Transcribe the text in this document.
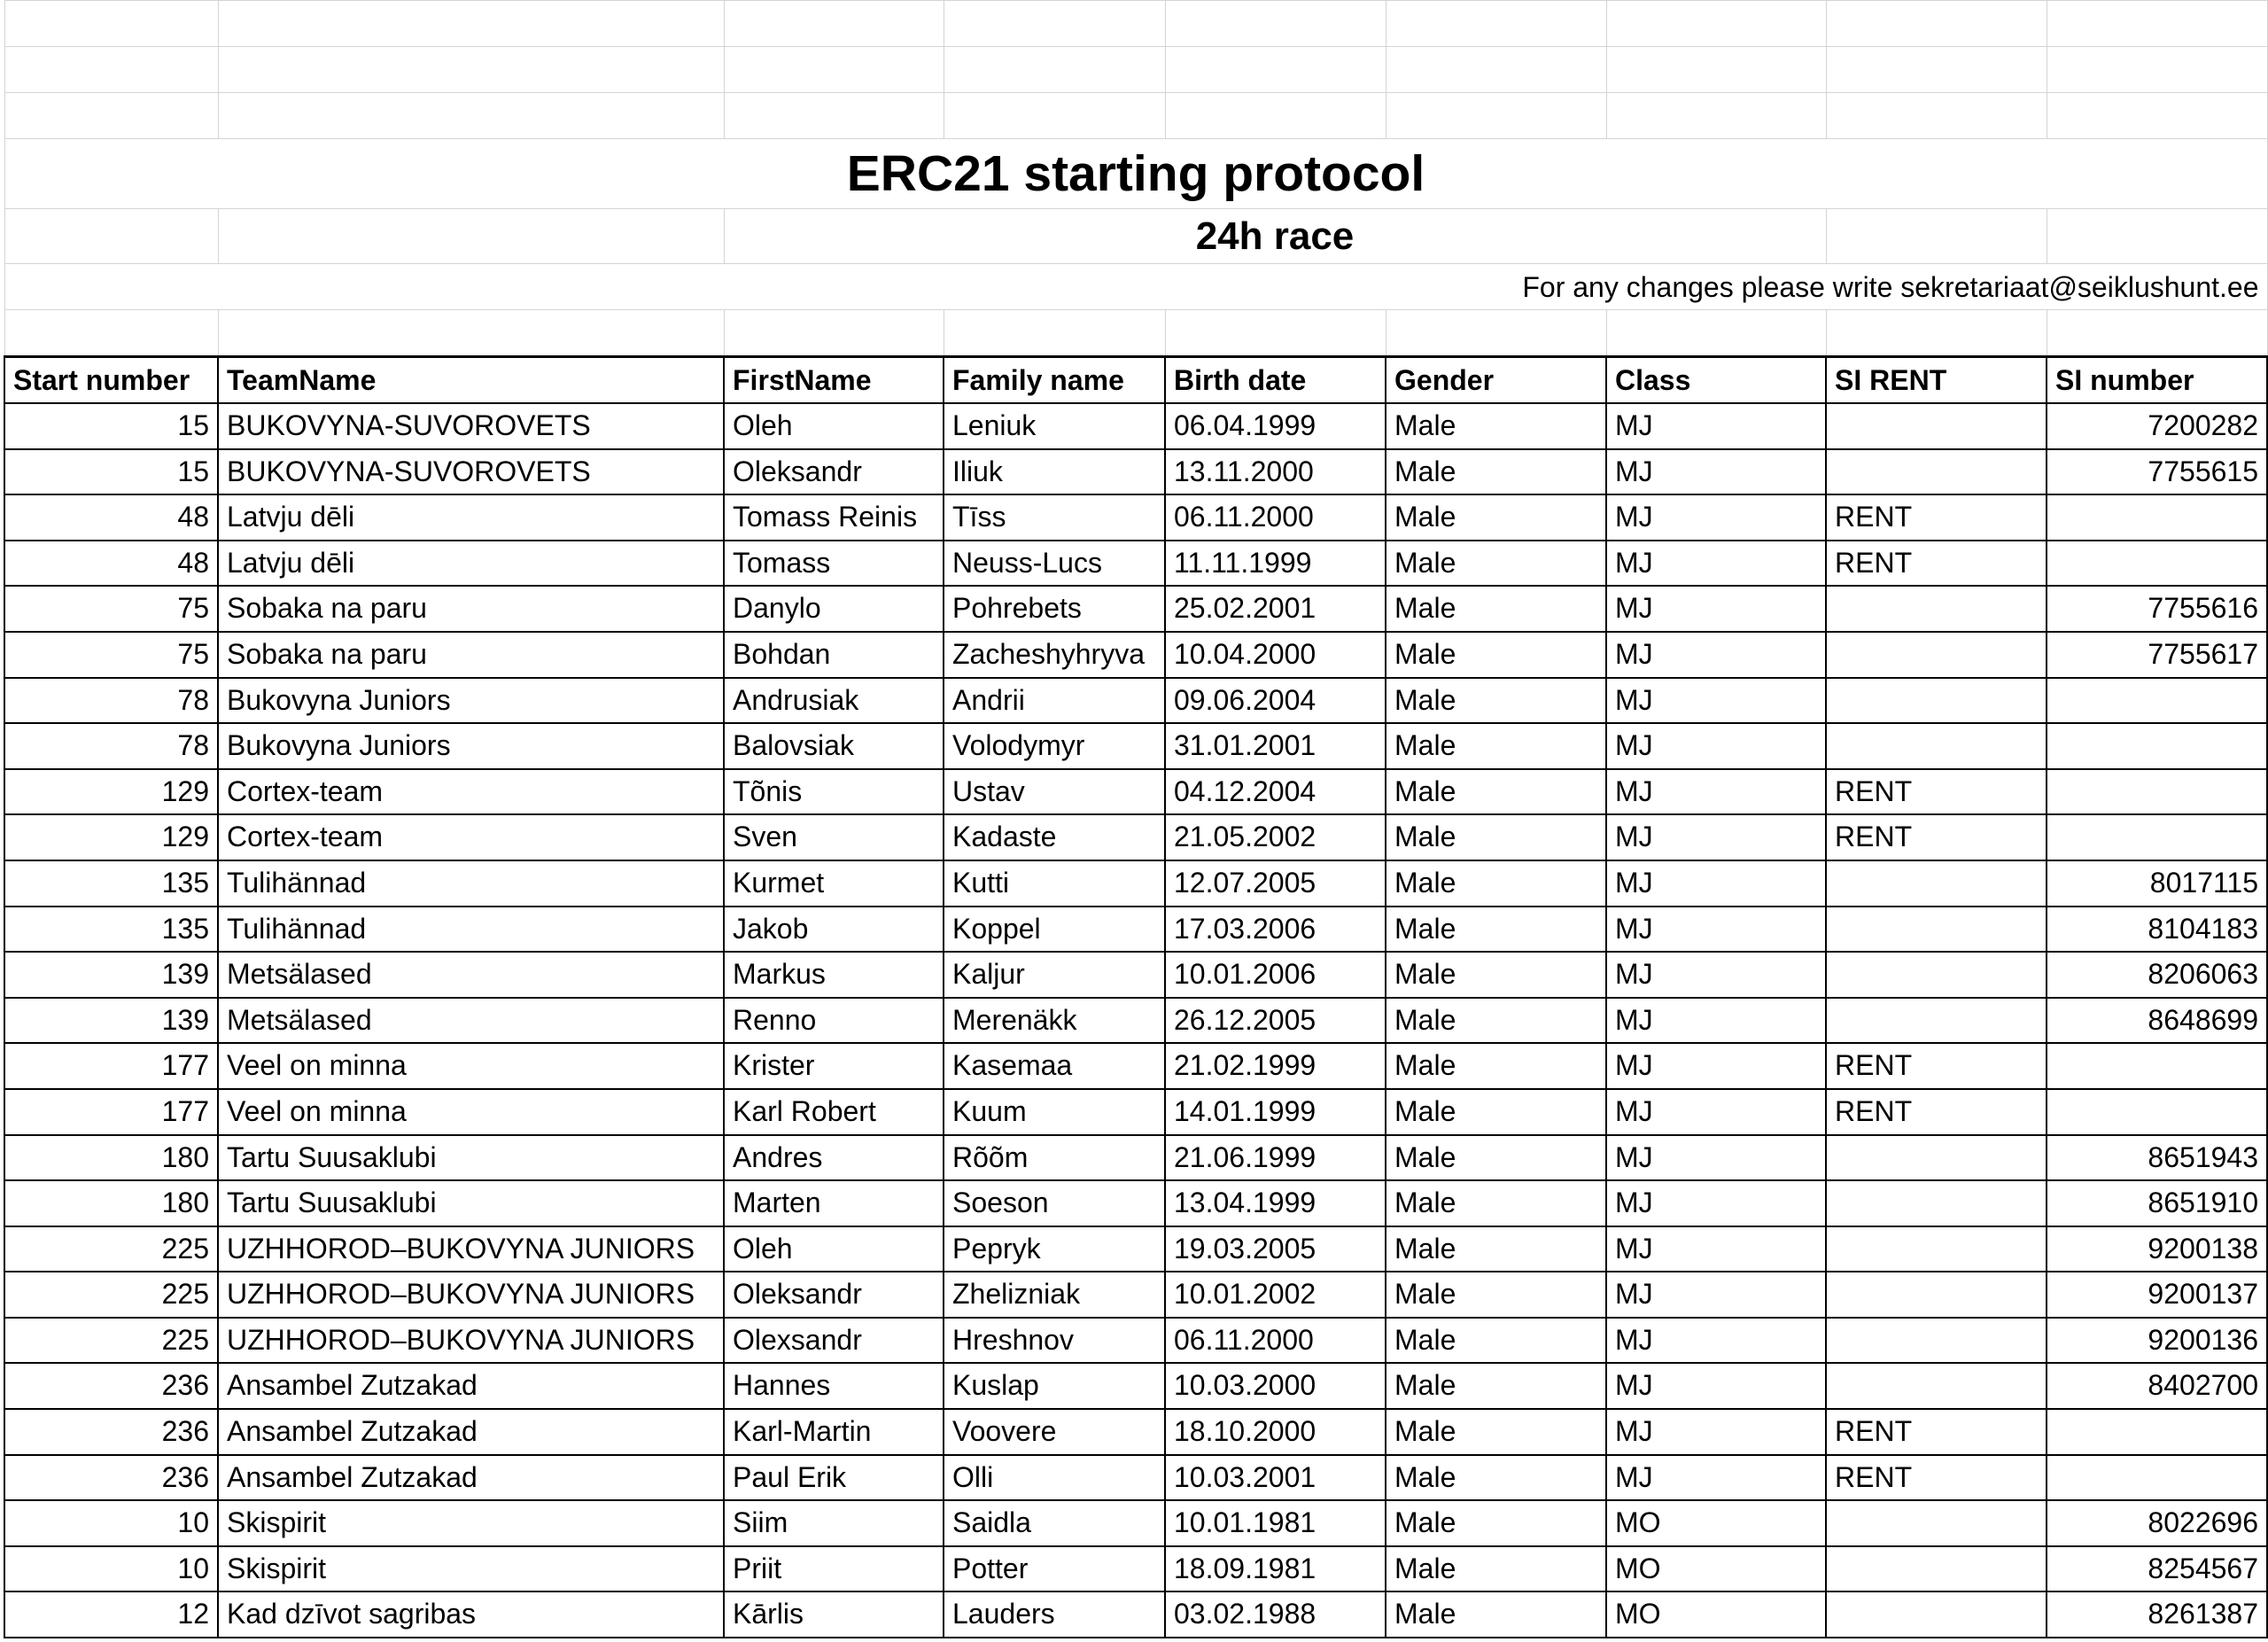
ERC21 starting protocol								
		24h race						
For any changes please write sekretariaat@seiklushunt.ee								

Start number	TeamName	FirstName	Family name	Birth date	Gender	Class	SI RENT	SI number
15	BUKOVYNA-SUVOROVETS	Oleh	Leniuk	06.04.1999	Male	MJ		7200282
15	BUKOVYNA-SUVOROVETS	Oleksandr	Iliuk	13.11.2000	Male	MJ		7755615
48	Latvju dēli	Tomass Reinis	Tīss	06.11.2000	Male	MJ	RENT	
48	Latvju dēli	Tomass	Neuss-Lucs	11.11.1999	Male	MJ	RENT	
75	Sobaka na paru	Danylo	Pohrebets	25.02.2001	Male	MJ		7755616
75	Sobaka na paru	Bohdan	Zacheshyhryva	10.04.2000	Male	MJ		7755617
78	Bukovyna Juniors	Andrusiak	Andrii	09.06.2004	Male	MJ		
78	Bukovyna Juniors	Balovsiak	Volodymyr	31.01.2001	Male	MJ		
129	Cortex-team	Tõnis	Ustav	04.12.2004	Male	MJ	RENT	
129	Cortex-team	Sven	Kadaste	21.05.2002	Male	MJ	RENT	
135	Tulihännad	Kurmet	Kutti	12.07.2005	Male	MJ		8017115
135	Tulihännad	Jakob	Koppel	17.03.2006	Male	MJ		8104183
139	Metsälased	Markus	Kaljur	10.01.2006	Male	MJ		8206063
139	Metsälased	Renno	Merenäkk	26.12.2005	Male	MJ		8648699
177	Veel on minna	Krister	Kasemaa	21.02.1999	Male	MJ	RENT	
177	Veel on minna	Karl Robert	Kuum	14.01.1999	Male	MJ	RENT	
180	Tartu Suusaklubi	Andres	Rõõm	21.06.1999	Male	MJ		8651943
180	Tartu Suusaklubi	Marten	Soeson	13.04.1999	Male	MJ		8651910
225	UZHHOROD–BUKOVYNA JUNIORS	Oleh	Pepryk	19.03.2005	Male	MJ		9200138
225	UZHHOROD–BUKOVYNA JUNIORS	Oleksandr	Zhelizniak	10.01.2002	Male	MJ		9200137
225	UZHHOROD–BUKOVYNA JUNIORS	Olexsandr	Hreshnov	06.11.2000	Male	MJ		9200136
236	Ansambel Zutzakad	Hannes	Kuslap	10.03.2000	Male	MJ		8402700
236	Ansambel Zutzakad	Karl-Martin	Voovere	18.10.2000	Male	MJ	RENT	
236	Ansambel Zutzakad	Paul Erik	Olli	10.03.2001	Male	MJ	RENT	
10	Skispirit	Siim	Saidla	10.01.1981	Male	MO		8022696
10	Skispirit	Priit	Potter	18.09.1981	Male	MO		8254567
12	Kad dzīvot sagribas	Kārlis	Lauders	03.02.1988	Male	MO		8261387
